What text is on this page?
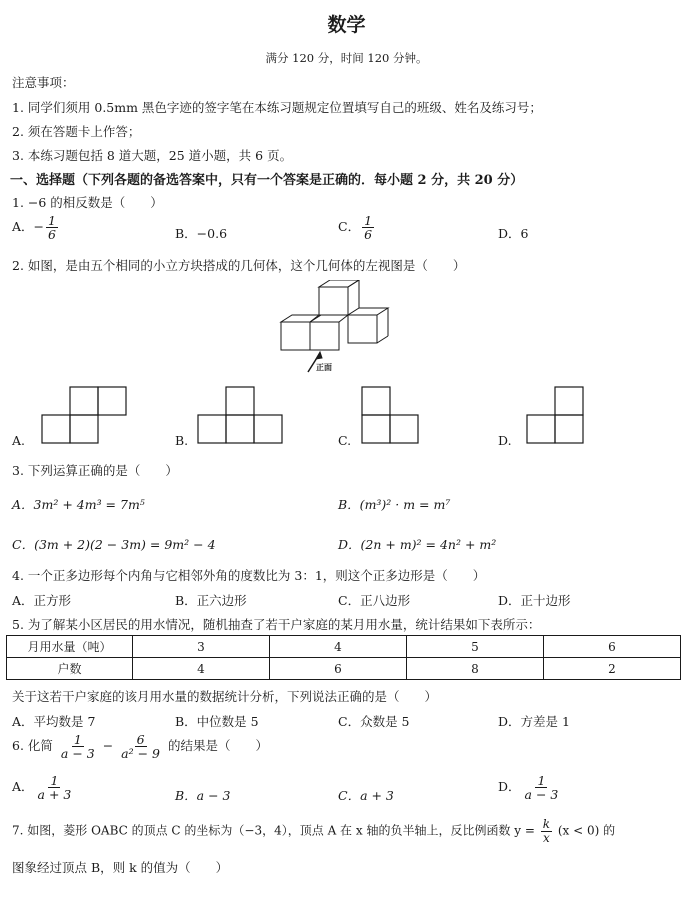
数学
满分 120 分，时间 120 分钟。
注意事项：
1. 同学们须用 0.5mm 黑色字迹的签字笔在本练习题规定位置填写自己的班级、姓名及练习号；
2. 须在答题卡上作答；
3. 本练习题包括 8 道大题，25 道小题，共 6 页。
一、选择题（下列各题的备选答案中，只有一个答案是正确的．每小题 2 分，共 20 分）
1. −6 的相反数是（　　）
A．− $\frac{1}{6}$	B．−0.6	C． $\frac{1}{6}$	D．6
2. 如图，是由五个相同的小立方块搭成的几何体，这个几何体的左视图是（　　）
正面
A.	B.	C.	D.
3. 下列运算正确的是（　　）
A．3m² + 4m³ = 7m⁵	B．(m³)² · m = m⁷
C．(3m + 2)(2 − 3m) = 9m² − 4	D．(2n + m)² = 4n² + m²
4. 一个正多边形每个内角与它相邻外角的度数比为 3：1，则这个正多边形是（　　）
A．正方形	B．正六边形	C．正八边形	D．正十边形
5. 为了解某小区居民的用水情况，随机抽查了若干户家庭的某月用水量，统计结果如下表所示：
月用水量（吨）	3	4	5	6
户数	4	6	8	2
关于这若干户家庭的该月用水量的数据统计分析，下列说法正确的是（　　）
A．平均数是 7	B．中位数是 5	C．众数是 5	D．方差是 1
6. 化简 $\frac{1}{a - 3} - \frac{6}{\text{a² − 9}}$ 的结果是（　　）
A． $\frac{1}{a + 3}$	B．a − 3	C．a + 3
D． $\frac{1}{a - 3}$
7. 如图，菱形 OABC 的顶点 C 的坐标为（−3，4），顶点 A 在 x 轴的负半轴上，反比例函数 $y = \frac{k}{x} (x < 0)$ 的
图象经过顶点 B，则 k 的值为（　　）
